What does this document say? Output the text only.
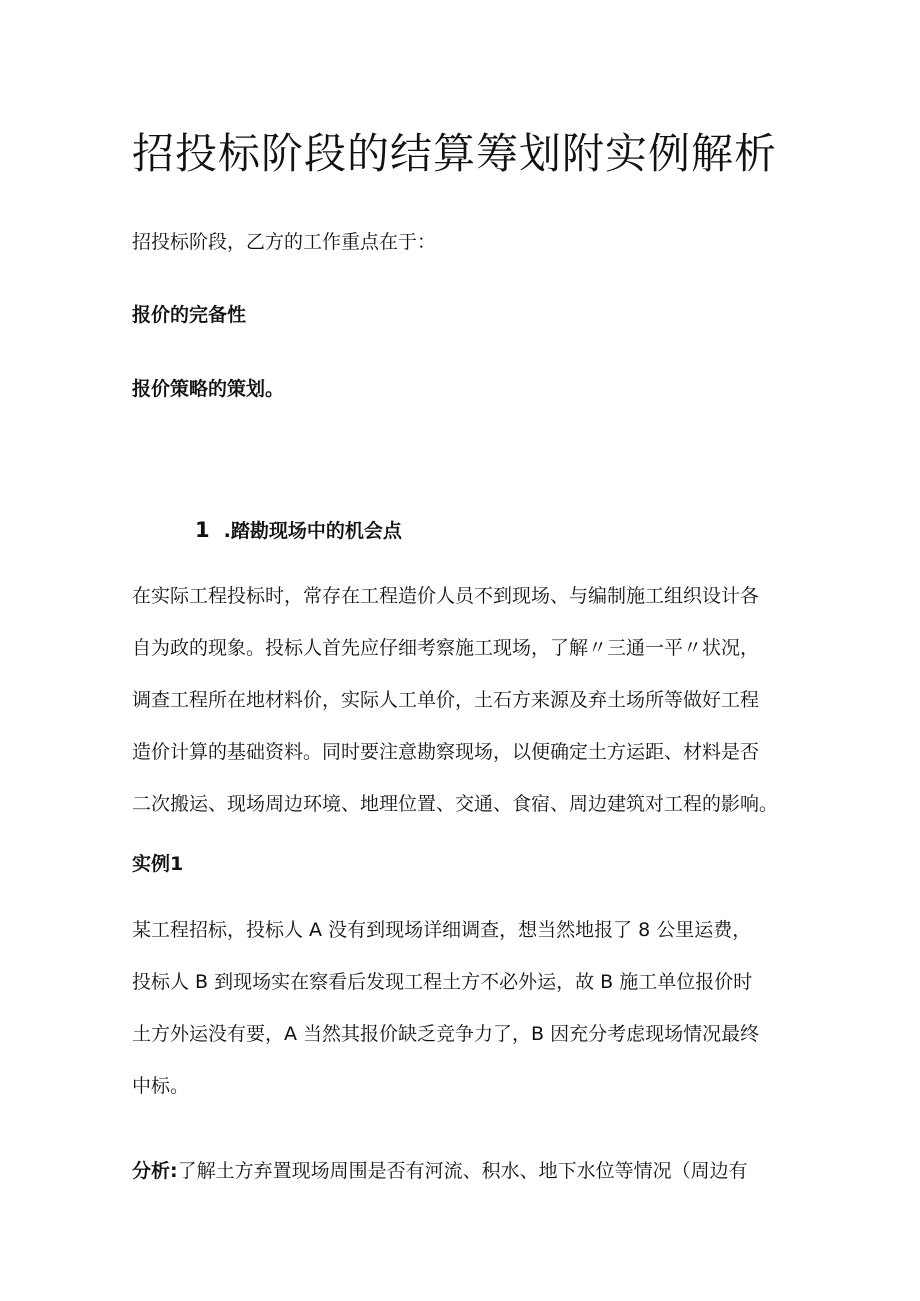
招投标阶段的结算筹划附实例解析

招投标阶段，乙方的工作重点在于：

报价的完备性

报价策略的策划。

1 .踏勘现场中的机会点

在实际工程投标时，常存在工程造价人员不到现场、与编制施工组织设计各
自为政的现象。投标人首先应仔细考察施工现场，了解〃三通一平〃状况，
调查工程所在地材料价，实际人工单价，土石方来源及弃土场所等做好工程
造价计算的基础资料。同时要注意勘察现场，以便确定土方运距、材料是否
二次搬运、现场周边环境、地理位置、交通、食宿、周边建筑对工程的影响。

实例1

某工程招标，投标人 A 没有到现场详细调查，想当然地报了 8 公里运费，
投标人 B 到现场实在察看后发现工程土方不必外运，故 B 施工单位报价时
土方外运没有要，A 当然其报价缺乏竞争力了，B 因充分考虑现场情况最终
中标。

分析:了解土方弃置现场周围是否有河流、积水、地下水位等情况（周边有
